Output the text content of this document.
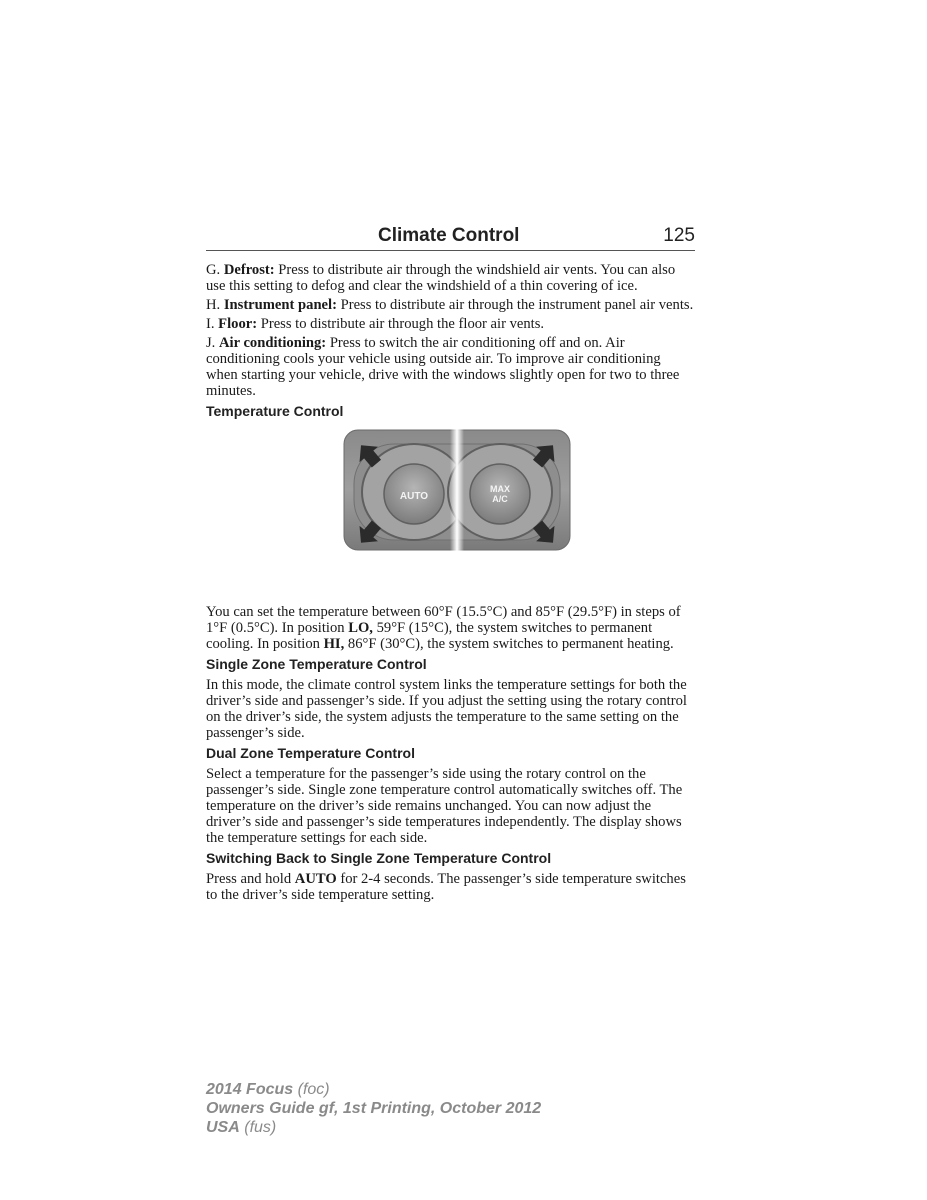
Climate Control	125

G. Defrost: Press to distribute air through the windshield air vents. You can also use this setting to defog and clear the windshield of a thin covering of ice.

H. Instrument panel: Press to distribute air through the instrument panel air vents.

I. Floor: Press to distribute air through the floor air vents.

J. Air conditioning: Press to switch the air conditioning off and on. Air conditioning cools your vehicle using outside air. To improve air conditioning when starting your vehicle, drive with the windows slightly open for two to three minutes.

Temperature Control
AUTO
MAX
A/C

You can set the temperature between 60°F (15.5°C) and 85°F (29.5°F) in steps of 1°F (0.5°C). In position LO, 59°F (15°C), the system switches to permanent cooling. In position HI, 86°F (30°C), the system switches to permanent heating.

Single Zone Temperature Control

In this mode, the climate control system links the temperature settings for both the driver’s side and passenger’s side. If you adjust the setting using the rotary control on the driver’s side, the system adjusts the temperature to the same setting on the passenger’s side.

Dual Zone Temperature Control

Select a temperature for the passenger’s side using the rotary control on the passenger’s side. Single zone temperature control automatically switches off. The temperature on the driver’s side remains unchanged. You can now adjust the driver’s side and passenger’s side temperatures independently. The display shows the temperature settings for each side.

Switching Back to Single Zone Temperature Control

Press and hold AUTO for 2-4 seconds. The passenger’s side temperature switches to the driver’s side temperature setting.

2014 Focus (foc)
Owners Guide gf, 1st Printing, October 2012
USA (fus)
